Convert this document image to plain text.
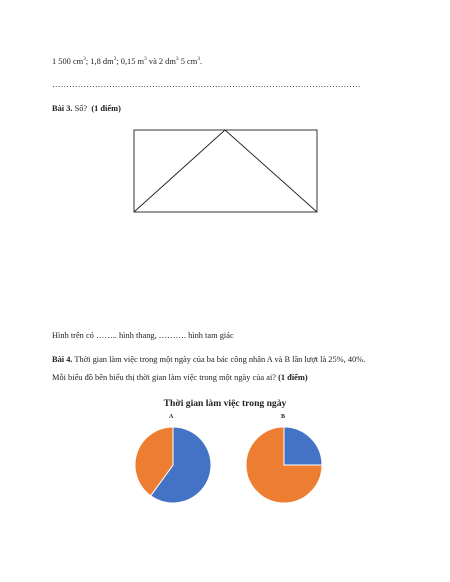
1 500 $cm^3$; 1,8 $dm^3$; 0,15 $m^3$ và 2 $dm^3$ 5 $cm^3$.
………………………………………………………………………………………………
Bài 3. Số? (1 điểm)
Hình trên có …….. hình thang, ………. hình tam giác
Bài 4. Thời gian làm việc trong một ngày của ba bác công nhân A và B lần lượt là 25%, 40%.
Mỗi biểu đồ bên biểu thị thời gian làm việc trong một ngày của ai? (1 điểm)
Thời gian làm việc trong ngày
A	B
